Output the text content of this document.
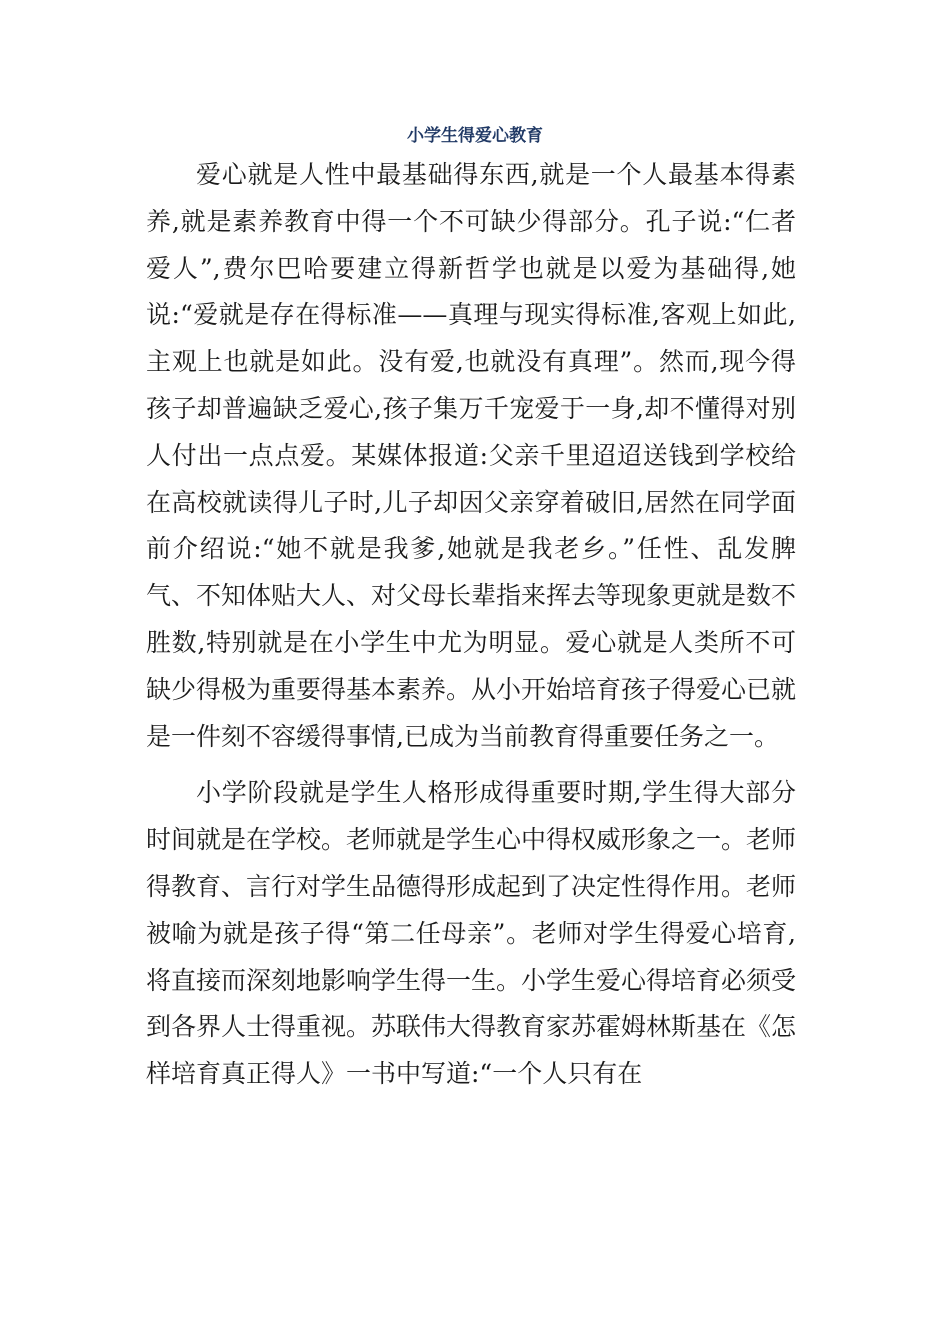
小学生得爱心教育

爱心就是人性中最基础得东西,就是一个人最基本得素养,就是素养教育中得一个不可缺少得部分。孔子说:“仁者爱人”,费尔巴哈要建立得新哲学也就是以爱为基础得,她说:“爱就是存在得标准——真理与现实得标准,客观上如此,主观上也就是如此。没有爱,也就没有真理”。然而,现今得孩子却普遍缺乏爱心,孩子集万千宠爱于一身,却不懂得对别人付出一点点爱。某媒体报道:父亲千里迢迢送钱到学校给在高校就读得儿子时,儿子却因父亲穿着破旧,居然在同学面前介绍说:“她不就是我爹,她就是我老乡。”任性、乱发脾气、不知体贴大人、对父母长辈指来挥去等现象更就是数不胜数,特别就是在小学生中尤为明显。爱心就是人类所不可缺少得极为重要得基本素养。从小开始培育孩子得爱心已就是一件刻不容缓得事情,已成为当前教育得重要任务之一。

小学阶段就是学生人格形成得重要时期,学生得大部分时间就是在学校。老师就是学生心中得权威形象之一。老师得教育、言行对学生品德得形成起到了决定性得作用。老师被喻为就是孩子得“第二任母亲”。老师对学生得爱心培育,将直接而深刻地影响学生得一生。小学生爱心得培育必须受到各界人士得重视。苏联伟大得教育家苏霍姆林斯基在《怎样培育真正得人》一书中写道:“一个人只有在
